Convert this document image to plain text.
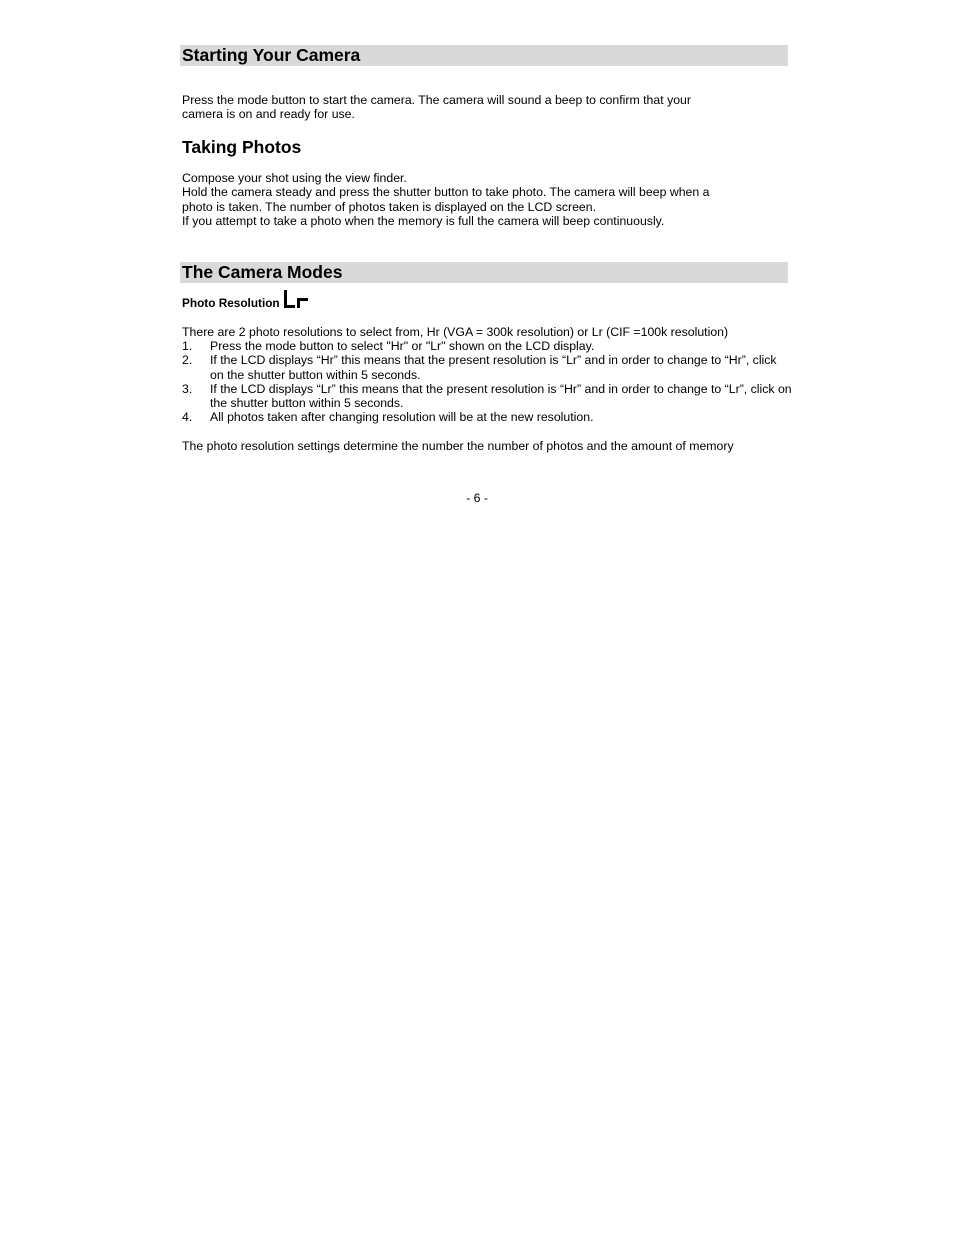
Starting Your Camera

Press the mode button to start the camera. The camera will sound a beep to confirm that your
camera is on and ready for use.

Taking Photos

Compose your shot using the view finder.
Hold the camera steady and press the shutter button to take photo. The camera will beep when a
photo is taken. The number of photos taken is displayed on the LCD screen.
If you attempt to take a photo when the memory is full the camera will beep continuously.

The Camera Modes
Photo Resolution

There are 2 photo resolutions to select from, Hr (VGA = 300k resolution) or Lr (CIF =100k resolution)

1. Press the mode button to select "Hr" or "Lr" shown on the LCD display.
2. If the LCD displays “Hr” this means that the present resolution is “Lr” and in order to change to “Hr”, click on the shutter button within 5 seconds.
3. If the LCD displays “Lr” this means that the present resolution is “Hr” and in order to change to “Lr”, click on the shutter button within 5 seconds.
4. All photos taken after changing resolution will be at the new resolution.

The photo resolution settings determine the number the number of photos and the amount of memory

- 6 -
